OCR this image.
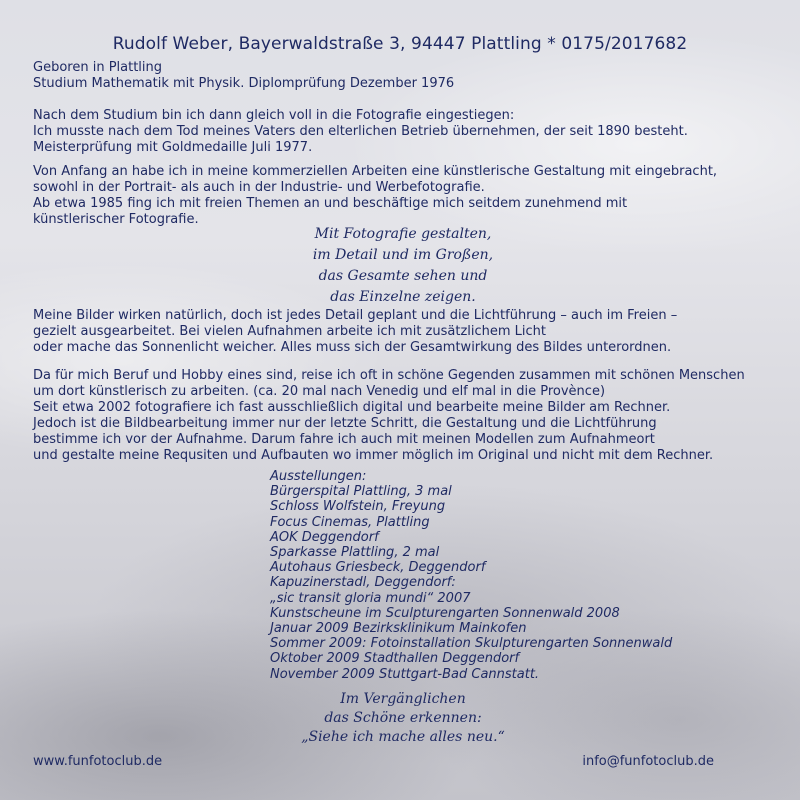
Rudolf Weber, Bayerwaldstraße 3, 94447 Plattling * 0175/2017682
Geboren in Plattling
Studium Mathematik mit Physik. Diplomprüfung Dezember 1976
Nach dem Studium bin ich dann gleich voll in die Fotografie eingestiegen:
Ich musste nach dem Tod meines Vaters den elterlichen Betrieb übernehmen, der seit 1890 besteht.
Meisterprüfung mit Goldmedaille Juli 1977.
Von Anfang an habe ich in meine kommerziellen Arbeiten eine künstlerische Gestaltung mit eingebracht,
sowohl in der Portrait- als auch in der Industrie- und Werbefotografie.
Ab etwa 1985 fing ich mit freien Themen an und beschäftige mich seitdem zunehmend mit
künstlerischer Fotografie.
Mit Fotografie gestalten,
im Detail und im Großen,
das Gesamte sehen und
das Einzelne zeigen.
Meine Bilder wirken natürlich, doch ist jedes Detail geplant und die Lichtführung – auch im Freien –
gezielt ausgearbeitet. Bei vielen Aufnahmen arbeite ich mit zusätzlichem Licht
oder mache das Sonnenlicht weicher. Alles muss sich der Gesamtwirkung des Bildes unterordnen.
Da für mich Beruf und Hobby eines sind, reise ich oft in schöne Gegenden zusammen mit schönen Menschen
um dort künstlerisch zu arbeiten. (ca. 20 mal nach Venedig und elf mal in die Provènce)
Seit etwa 2002 fotografiere ich fast ausschließlich digital und bearbeite meine Bilder am Rechner.
Jedoch ist die Bildbearbeitung immer nur der letzte Schritt, die Gestaltung und die Lichtführung
bestimme ich vor der Aufnahme. Darum fahre ich auch mit meinen Modellen zum Aufnahmeort
und gestalte meine Requsiten und Aufbauten wo immer möglich im Original und nicht mit dem Rechner.
Ausstellungen:
Bürgerspital Plattling, 3 mal
Schloss Wolfstein, Freyung
Focus Cinemas, Plattling
AOK Deggendorf
Sparkasse Plattling, 2 mal
Autohaus Griesbeck, Deggendorf
Kapuzinerstadl, Deggendorf:
„sic transit gloria mundi“ 2007
Kunstscheune im Sculpturengarten Sonnenwald 2008
Januar 2009 Bezirksklinikum Mainkofen
Sommer 2009: Fotoinstallation Skulpturengarten Sonnenwald
Oktober 2009 Stadthallen Deggendorf
November 2009 Stuttgart-Bad Cannstatt.
Im Vergänglichen
das Schöne erkennen:
„Siehe ich mache alles neu.“
www.funfotoclub.de	info@funfotoclub.de
